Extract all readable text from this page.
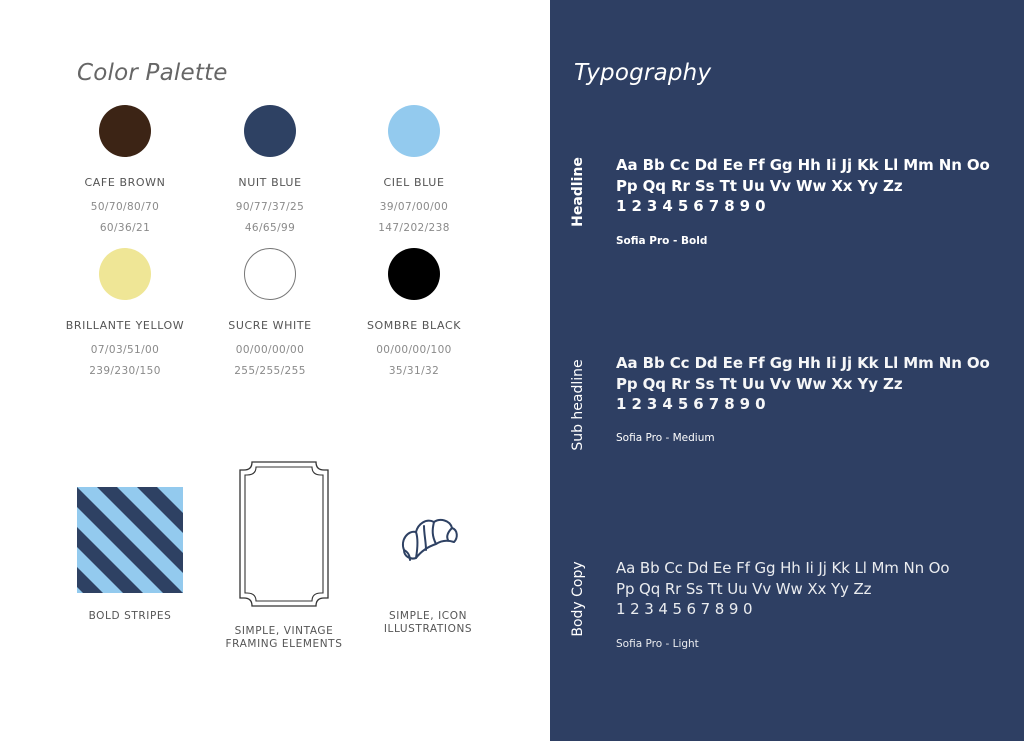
Color Palette
CAFE BROWN
50/70/80/70
60/36/21
NUIT BLUE
90/77/37/25
46/65/99
CIEL BLUE
39/07/00/00
147/202/238
BRILLANTE YELLOW
07/03/51/00
239/230/150
SUCRE WHITE
00/00/00/00
255/255/255
SOMBRE BLACK
00/00/00/100
35/31/32
BOLD STRIPES
SIMPLE, VINTAGE
FRAMING ELEMENTS
SIMPLE, ICON
ILLUSTRATIONS
Typography
Headline Aa Bb Cc Dd Ee Ff Gg Hh Ii Jj Kk Ll Mm Nn Oo
Pp Qq Rr Ss Tt Uu Vv Ww Xx Yy Zz
1 2 3 4 5 6 7 8 9 0
Sofia Pro - Bold
Sub headline Aa Bb Cc Dd Ee Ff Gg Hh Ii Jj Kk Ll Mm Nn Oo
Pp Qq Rr Ss Tt Uu Vv Ww Xx Yy Zz
1 2 3 4 5 6 7 8 9 0
Sofia Pro - Medium
Body Copy Aa Bb Cc Dd Ee Ff Gg Hh Ii Jj Kk Ll Mm Nn Oo
Pp Qq Rr Ss Tt Uu Vv Ww Xx Yy Zz
1 2 3 4 5 6 7 8 9 0
Sofia Pro - Light
